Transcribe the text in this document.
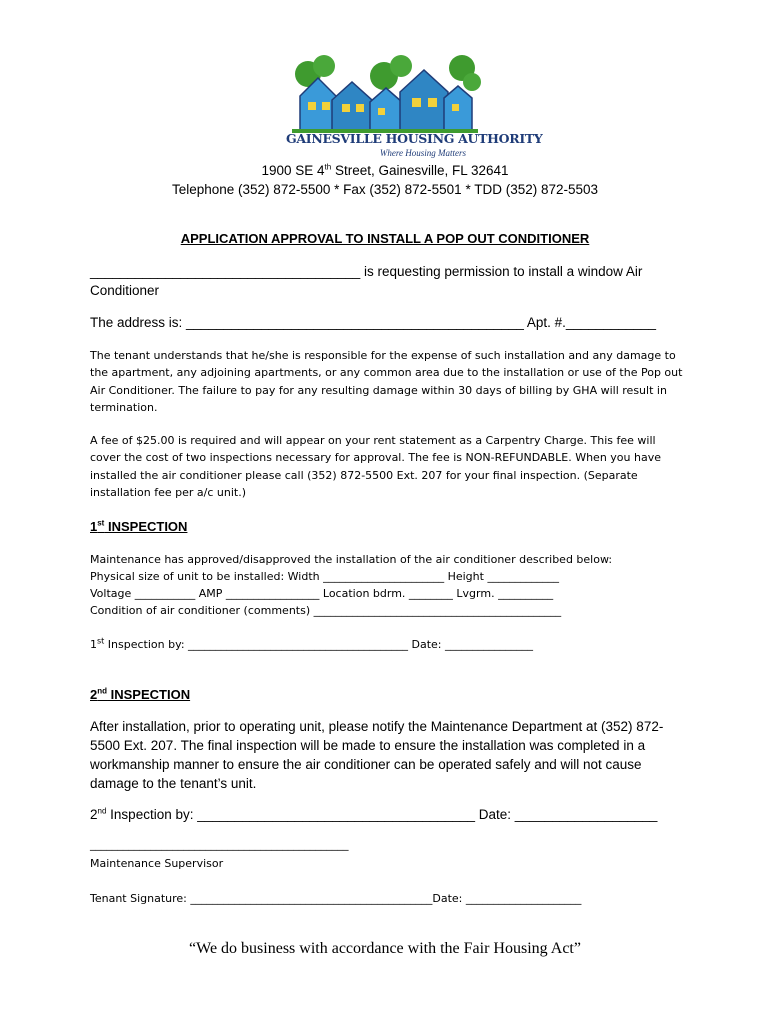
GAINESVILLE HOUSING AUTHORITY
Where Housing Matters
1900 SE 4th Street, Gainesville, FL 32641
Telephone (352) 872-5500 * Fax (352) 872-5501 * TDD (352) 872-5503
APPLICATION APPROVAL TO INSTALL A POP OUT CONDITIONER
____________________________________ is requesting permission to install a window Air
Conditioner
The address is: _____________________________________________ Apt. #.____________
The tenant understands that he/she is responsible for the expense of such installation and any damage to the apartment, any adjoining apartments, or any common area due to the installation or use of the Pop out Air Conditioner. The failure to pay for any resulting damage within 30 days of billing by GHA will result in termination.
A fee of $25.00 is required and will appear on your rent statement as a Carpentry Charge. This fee will cover the cost of two inspections necessary for approval. The fee is NON-REFUNDABLE. When you have installed the air conditioner please call (352) 872-5500 Ext. 207 for your final inspection. (Separate installation fee per a/c unit.)
1st INSPECTION
Maintenance has approved/disapproved the installation of the air conditioner described below:
Physical size of unit to be installed: Width ______________________ Height _____________
Voltage ___________ AMP _________________ Location bdrm. ________ Lvgrm. __________
Condition of air conditioner (comments) _____________________________________________
1st Inspection by: ________________________________________ Date: ________________
2nd INSPECTION
After installation, prior to operating unit, please notify the Maintenance Department at (352) 872-5500 Ext. 207. The final inspection will be made to ensure the installation was completed in a workmanship manner to ensure the air conditioner can be operated safely and will not cause damage to the tenant’s unit.
2nd Inspection by: _____________________________________ Date: ___________________
_______________________________________________
Maintenance Supervisor
Tenant Signature: ____________________________________________Date: _____________________
“We do business with accordance with the Fair Housing Act”
